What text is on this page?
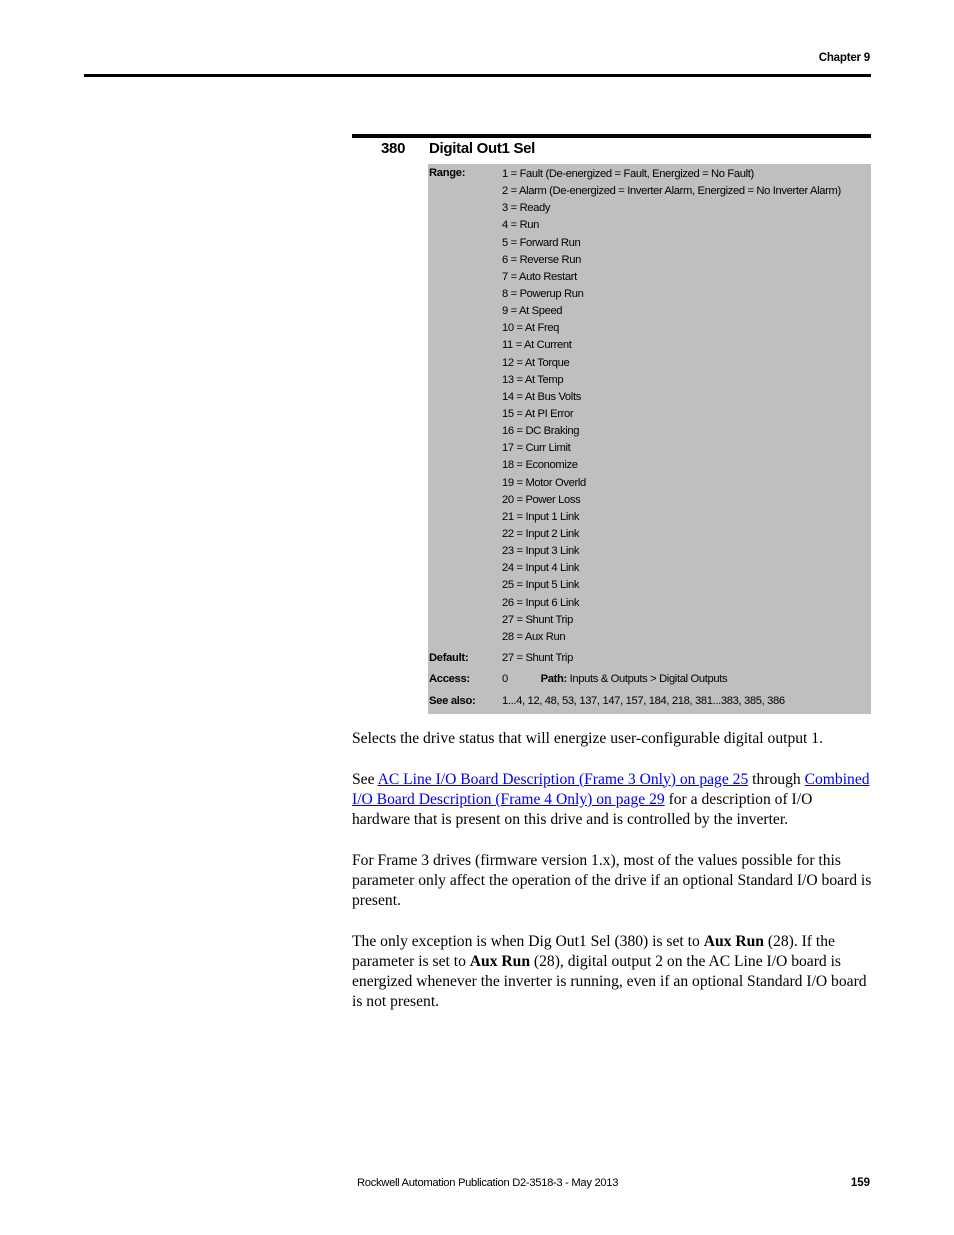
Chapter 9
380 Digital Out1 Sel
Range:	1 = Fault (De-energized = Fault, Energized = No Fault)
2 = Alarm (De-energized = Inverter Alarm, Energized = No Inverter Alarm)
3 = Ready
4 = Run
5 = Forward Run
6 = Reverse Run
7 = Auto Restart
8 = Powerup Run
9 = At Speed
10 = At Freq
11 = At Current
12 = At Torque
13 = At Temp
14 = At Bus Volts
15 = At PI Error
16 = DC Braking
17 = Curr Limit
18 = Economize
19 = Motor Overld
20 = Power Loss
21 = Input 1 Link
22 = Input 2 Link
23 = Input 3 Link
24 = Input 4 Link
25 = Input 5 Link
26 = Input 6 Link
27 = Shunt Trip
28 = Aux Run
Default:	27 = Shunt Trip
Access:	0	Path: Inputs & Outputs > Digital Outputs
See also: 1...4, 12, 48, 53, 137, 147, 157, 184, 218, 381...383, 385, 386

Selects the drive status that will energize user-configurable digital output 1.

See AC Line I/O Board Description (Frame 3 Only) on page 25 through Combined I/O Board Description (Frame 4 Only) on page 29 for a description of I/O hardware that is present on this drive and is controlled by the inverter.

For Frame 3 drives (firmware version 1.x), most of the values possible for this parameter only affect the operation of the drive if an optional Standard I/O board is present.

The only exception is when Dig Out1 Sel (380) is set to Aux Run (28). If the parameter is set to Aux Run (28), digital output 2 on the AC Line I/O board is energized whenever the inverter is running, even if an optional Standard I/O board is not present.

Rockwell Automation Publication D2-3518-3 - May 2013	159
